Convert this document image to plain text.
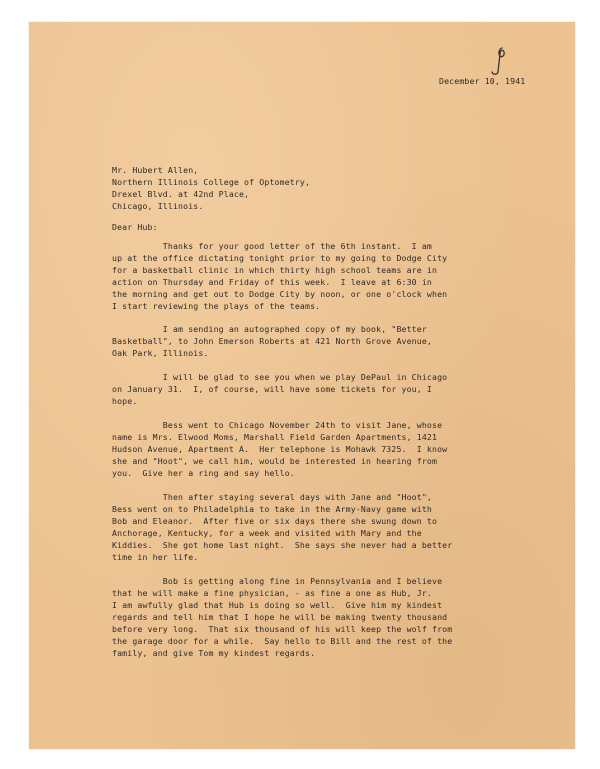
December 10, 1941
Mr. Hubert Allen,
Northern Illinois College of Optometry,
Drexel Blvd. at 42nd Place,
Chicago, Illinois.
Dear Hub:
Thanks for your good letter of the 6th instant.  I am
up at the office dictating tonight prior to my going to Dodge City
for a basketball clinic in which thirty high school teams are in
action on Thursday and Friday of this week.  I leave at 6:30 in
the morning and get out to Dodge City by noon, or one o'clock when
I start reviewing the plays of the teams.
I am sending an autographed copy of my book, "Better
Basketball", to John Emerson Roberts at 421 North Grove Avenue,
Oak Park, Illinois.
I will be glad to see you when we play DePaul in Chicago
on January 31.  I, of course, will have some tickets for you, I
hope.
Bess went to Chicago November 24th to visit Jane, whose
name is Mrs. Elwood Moms, Marshall Field Garden Apartments, 1421
Hudson Avenue, Apartment A.  Her telephone is Mohawk 7325.  I know
she and "Hoot", we call him, would be interested in hearing from
you.  Give her a ring and say hello.
Then after staying several days with Jane and "Hoot",
Bess went on to Philadelphia to take in the Army-Navy game with
Bob and Eleanor.  After five or six days there she swung down to
Anchorage, Kentucky, for a week and visited with Mary and the
Kiddies.  She got home last night.  She says she never had a better
time in her life.
Bob is getting along fine in Pennsylvania and I believe
that he will make a fine physician, - as fine a one as Hub, Jr.
I am awfully glad that Hub is doing so well.  Give him my kindest
regards and tell him that I hope he will be making twenty thousand
before very long.  That six thousand of his will keep the wolf from
the garage door for a while.  Say hello to Bill and the rest of the
family, and give Tom my kindest regards.
